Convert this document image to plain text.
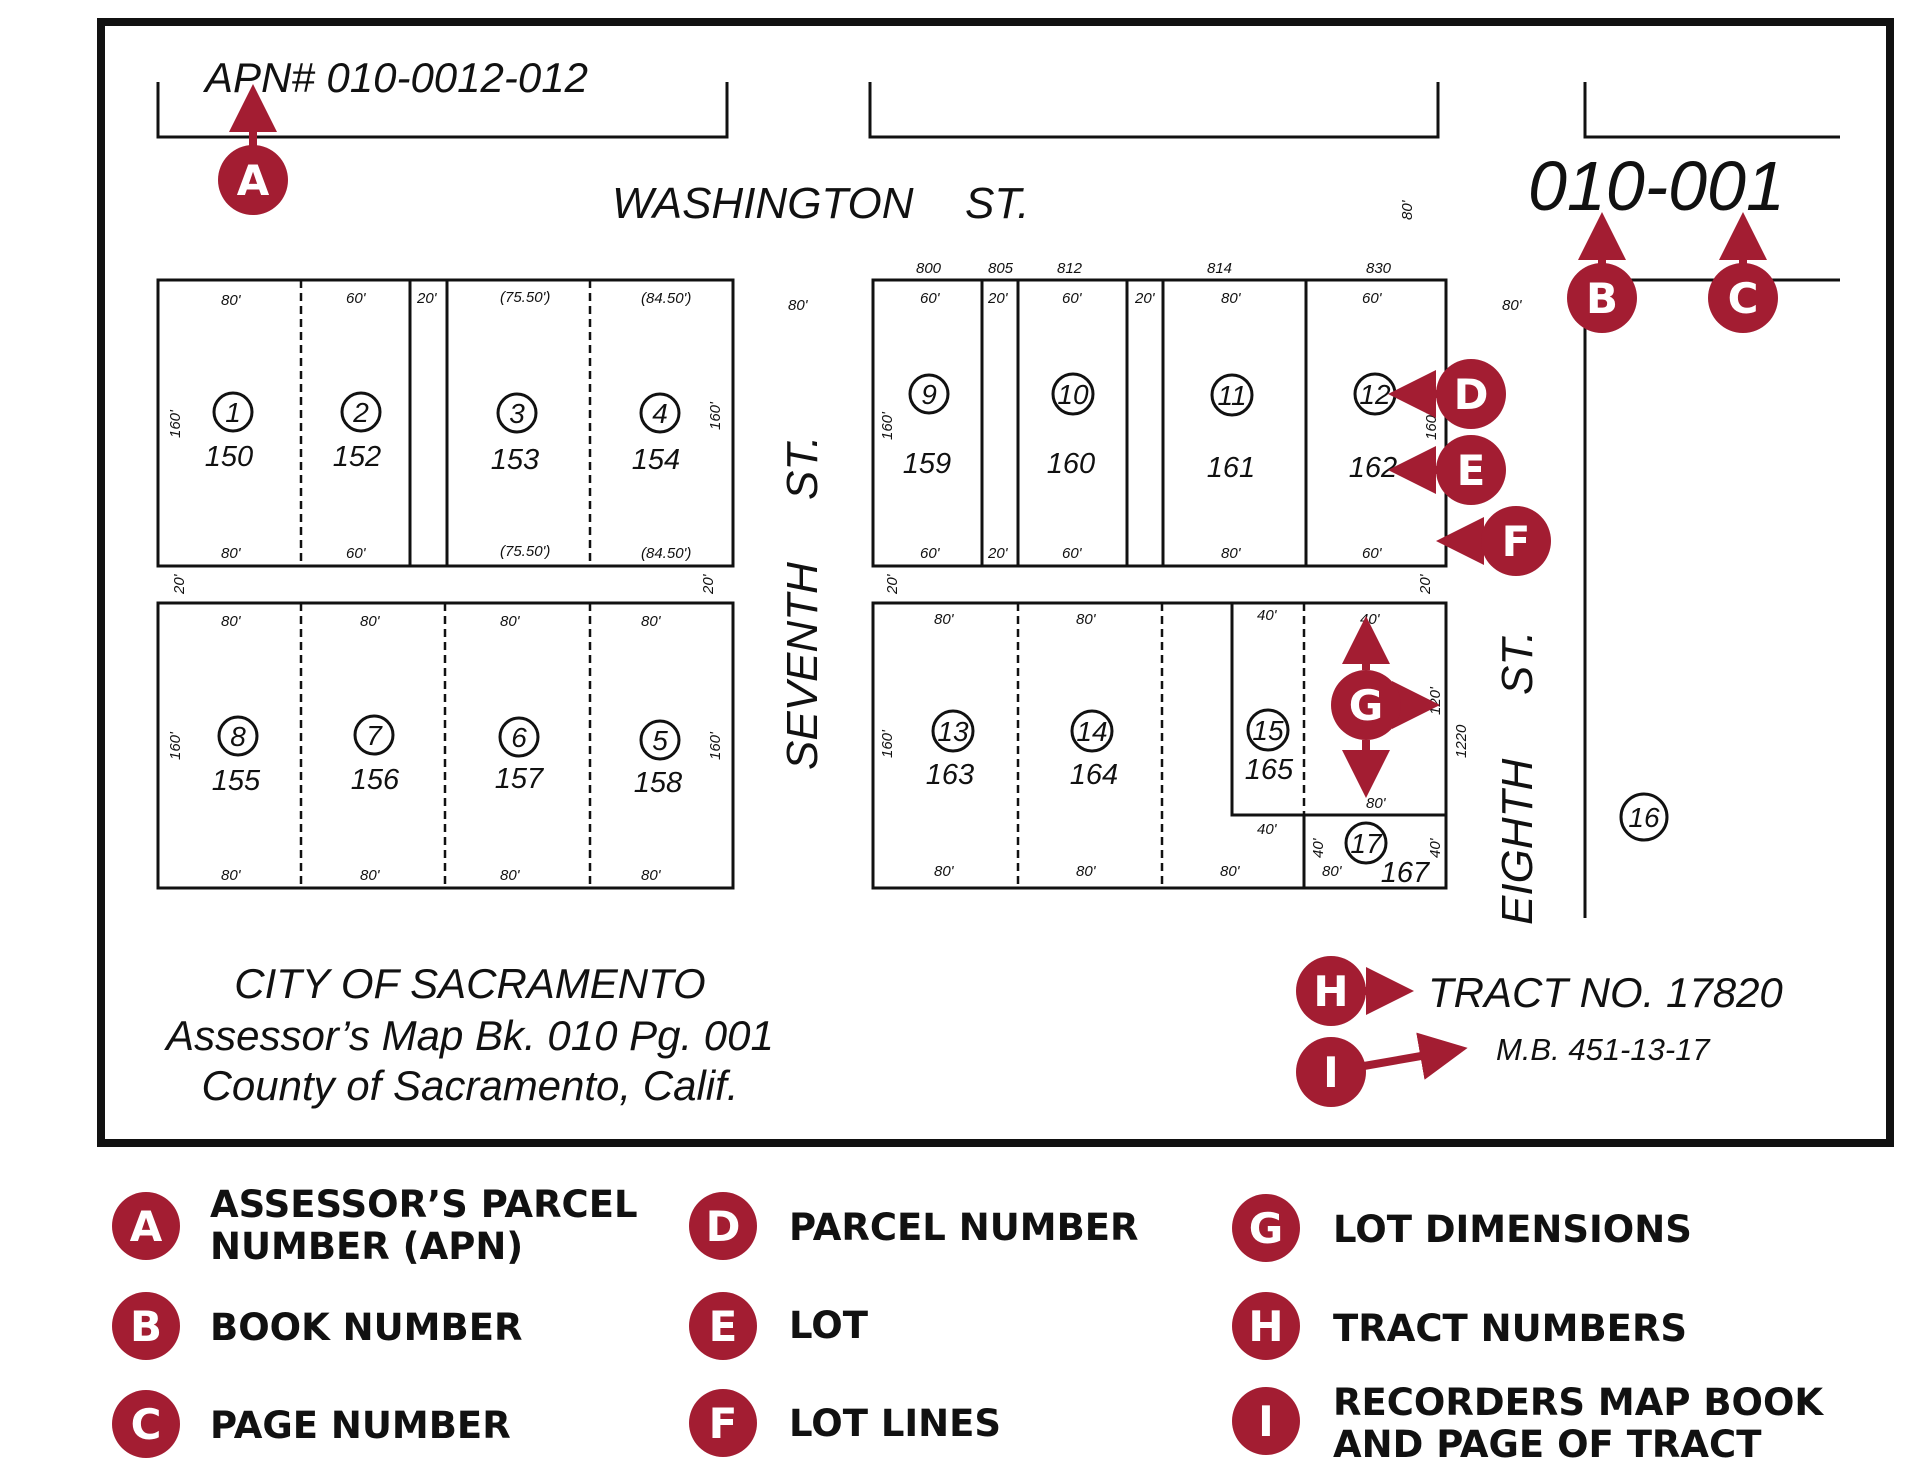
APN# 010-0012-012
010-001
WASHINGTON ST.
SEVENTH
ST.
EIGHTH
ST.
80'
80'	80'
20'	20'	20'	20'
80'	60'	20'	(75.50')	(84.50')
80'	60'	(75.50')	(84.50')
160'	160'
1
150
2
152
3
153
4
154
80'	80'	80'	80'
80'	80'	80'	80'
160'	160'
8
155
7
156
6
157
5
158
800	805	812	814	830
60'	20'	60'	20'	80'	60'
60'	20'	60'	80'	60'
160'	160'
9
159
10
160
11
161
12
162
80'	80'	40'	40'
80'	80'	80'	80'
160'
120'
1220
80'
40'
40'	40'
13
163
14
164
15
165
17
167
16
CITY OF SACRAMENTO
Assessor’s Map Bk. 010 Pg. 001
County of Sacramento, Calif.
TRACT NO. 17820
M.B. 451-13-17
A
B	C
D
E
F
G
H
I
A ASSESSOR’S PARCEL
NUMBER (APN)
B BOOK NUMBER
C PAGE NUMBER
D PARCEL NUMBER
E LOT
F LOT LINES
G LOT DIMENSIONS
H TRACT NUMBERS
I RECORDERS MAP BOOK
AND PAGE OF TRACT
